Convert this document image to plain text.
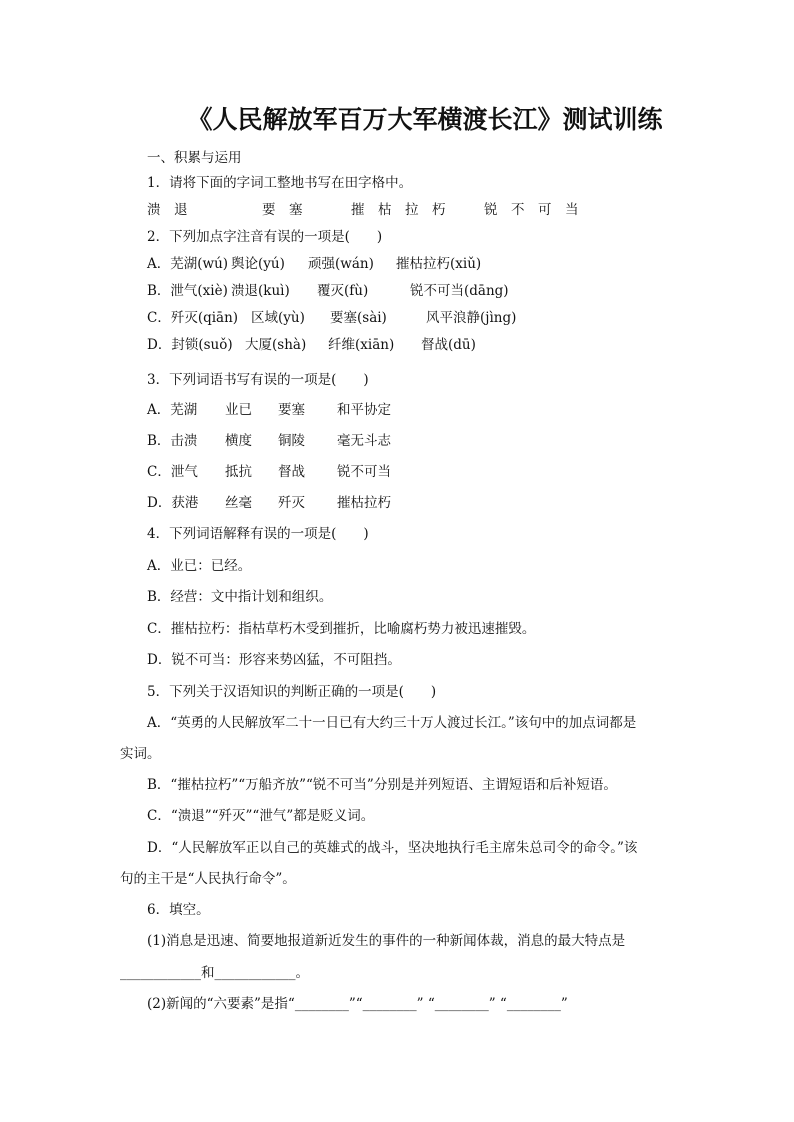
《人民解放军百万大军横渡长江》测试训练
一、积累与运用
1．请将下面的字词工整地书写在田字格中。
溃　退	要　塞	摧　枯　拉　朽	锐　不　可　当
2．下列加点字注音有误的一项是(　　)
A．芜湖(wú) 舆论(yú) 顽强(wán) 摧枯拉朽(xiǔ)
B．泄气(xiè) 溃退(kuì) 覆灭(fù)	锐不可当(dāng)
C．歼灭(qiān) 区域(yù) 要塞(sài)	风平浪静(jìng)
D．封锁(suǒ) 大厦(shà) 纤维(xiān) 督战(dū)
3．下列词语书写有误的一项是(　　)
A．芜湖 业已 要塞 和平协定
B．击溃 横度 铜陵 毫无斗志
C．泄气 抵抗 督战 锐不可当
D．获港 丝毫 歼灭 摧枯拉朽
4．下列词语解释有误的一项是(　　)
A．业已：已经。
B．经营：文中指计划和组织。
C．摧枯拉朽：指枯草朽木受到摧折，比喻腐朽势力被迅速摧毁。
D．锐不可当：形容来势凶猛，不可阻挡。
5．下列关于汉语知识的判断正确的一项是(　　)
A．“英勇的人民解放军二十一日已有大约三十万人渡过长江。”该句中的加点词都是
实词。
B．“摧枯拉朽”“万船齐放”“锐不可当”分别是并列短语、主谓短语和后补短语。
C．“溃退”“歼灭”“泄气”都是贬义词。
D．“人民解放军正以自己的英雄式的战斗，坚决地执行毛主席朱总司令的命令。”该
句的主干是“人民执行命令”。
6．填空。
(1)消息是迅速、简要地报道新近发生的事件的一种新闻体裁，消息的最大特点是
____________和____________。
(2)新闻的“六要素”是指“________”“________” “________” “________”
